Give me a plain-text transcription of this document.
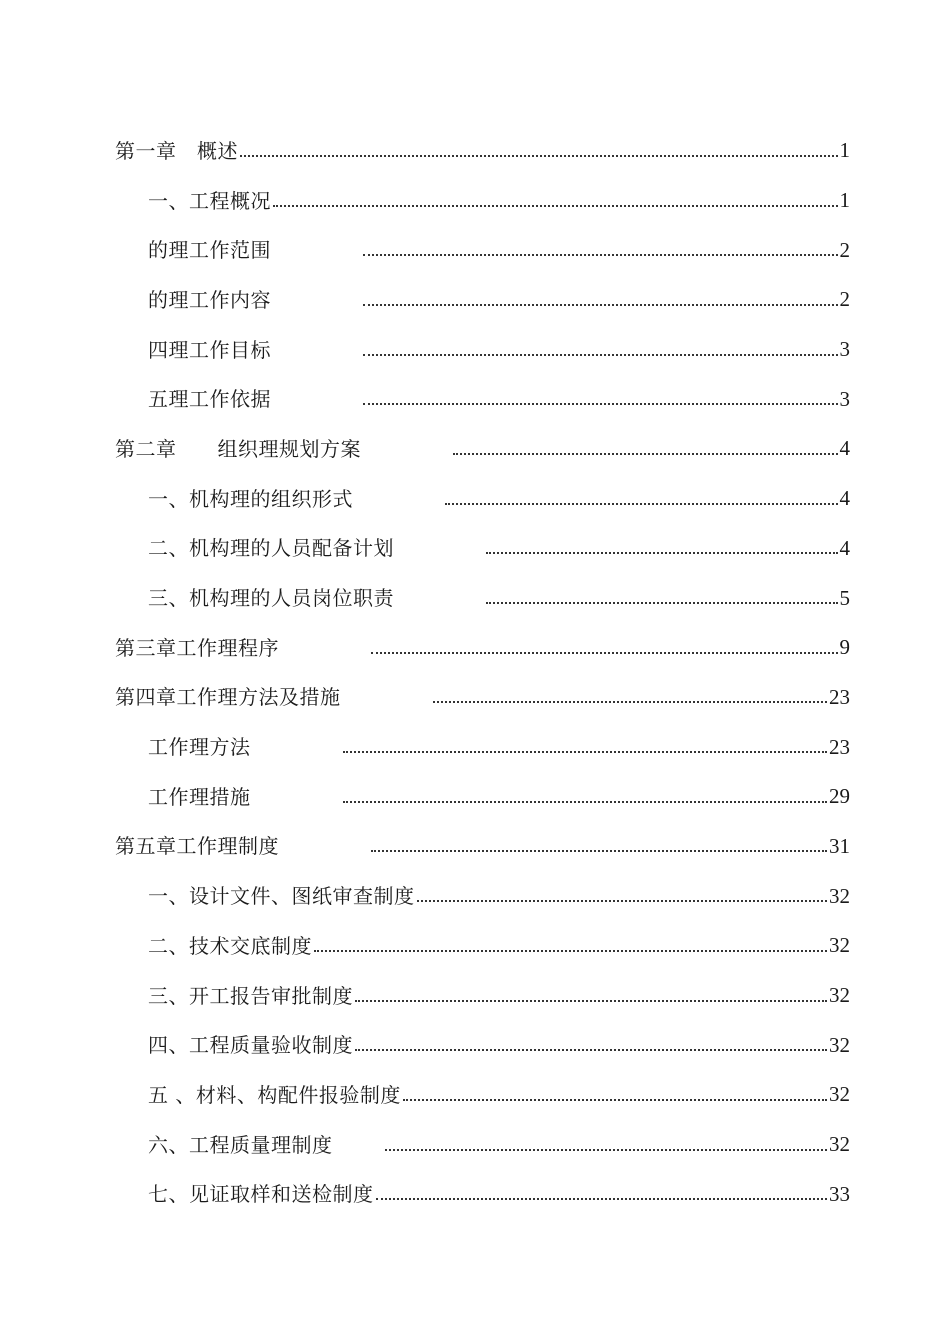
第一章　概述	1
一、工程概况	1
的理工作范围	2
的理工作内容	2
四理工作目标	3
五理工作依据	3
第二章　　组织理规划方案	4
一、机构理的组织形式	4
二、机构理的人员配备计划	4
三、机构理的人员岗位职责	5
第三章工作理程序	9
第四章工作理方法及措施	23
工作理方法	23
工作理措施	29
第五章工作理制度	31
一、设计文件、图纸审查制度	32
二、技术交底制度	32
三、开工报告审批制度	32
四、工程质量验收制度	32
五 、材料、构配件报验制度	32
六、工程质量理制度	32
七、见证取样和送检制度	33
